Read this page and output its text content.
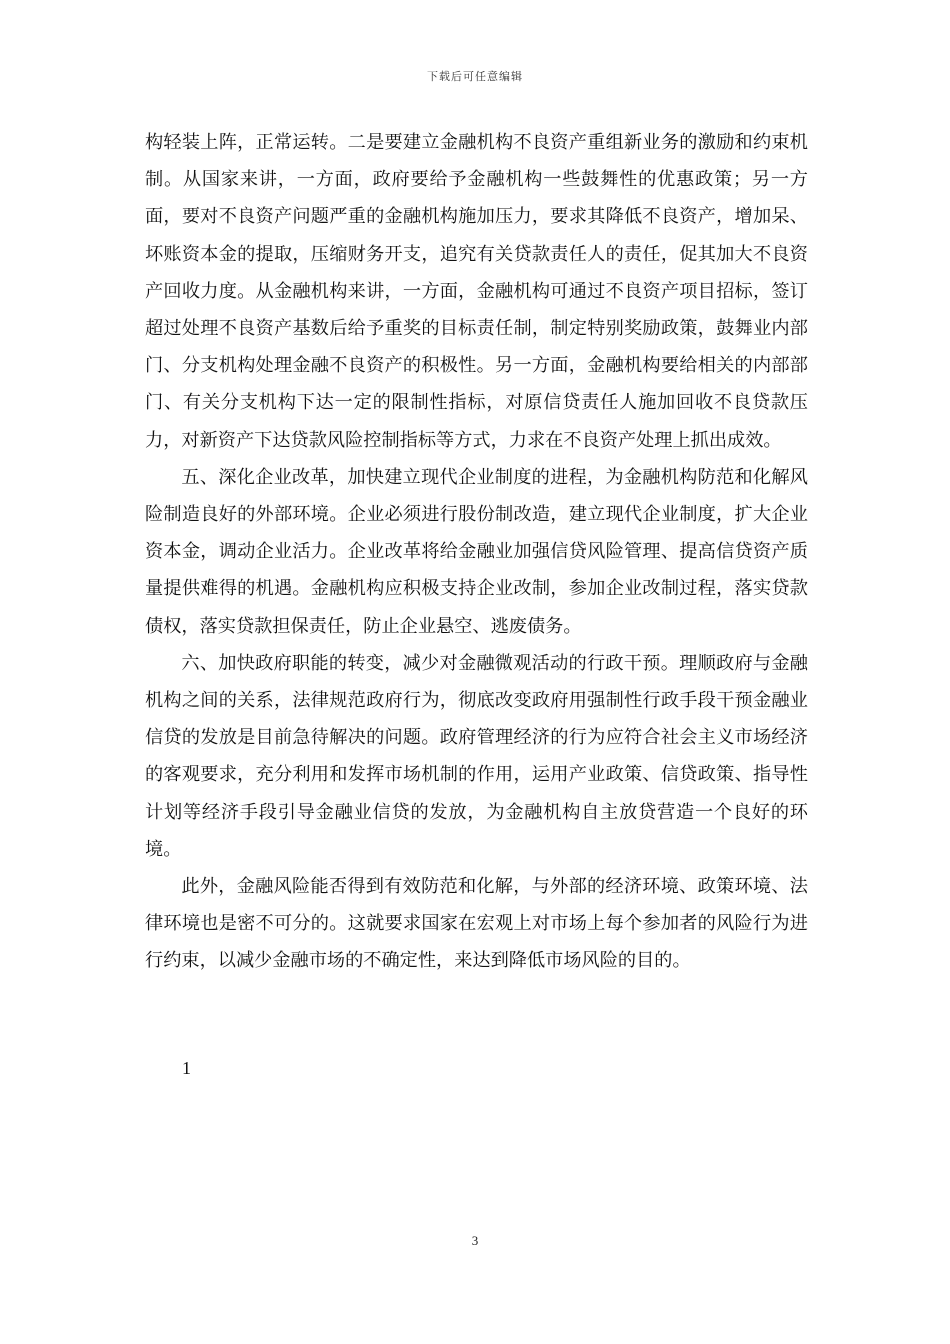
下载后可任意编辑

构轻装上阵，正常运转。二是要建立金融机构不良资产重组新业务的激励和约束机制。从国家来讲，一方面，政府要给予金融机构一些鼓舞性的优惠政策；另一方面，要对不良资产问题严重的金融机构施加压力，要求其降低不良资产，增加呆、坏账资本金的提取，压缩财务开支，追究有关贷款责任人的责任，促其加大不良资产回收力度。从金融机构来讲，一方面，金融机构可通过不良资产项目招标，签订超过处理不良资产基数后给予重奖的目标责任制，制定特别奖励政策，鼓舞业内部门、分支机构处理金融不良资产的积极性。另一方面，金融机构要给相关的内部部门、有关分支机构下达一定的限制性指标，对原信贷责任人施加回收不良贷款压力，对新资产下达贷款风险控制指标等方式，力求在不良资产处理上抓出成效。

五、深化企业改革，加快建立现代企业制度的进程，为金融机构防范和化解风险制造良好的外部环境。企业必须进行股份制改造，建立现代企业制度，扩大企业资本金，调动企业活力。企业改革将给金融业加强信贷风险管理、提高信贷资产质量提供难得的机遇。金融机构应积极支持企业改制，参加企业改制过程，落实贷款债权，落实贷款担保责任，防止企业悬空、逃废债务。

六、加快政府职能的转变，减少对金融微观活动的行政干预。理顺政府与金融机构之间的关系，法律规范政府行为，彻底改变政府用强制性行政手段干预金融业信贷的发放是目前急待解决的问题。政府管理经济的行为应符合社会主义市场经济的客观要求，充分利用和发挥市场机制的作用，运用产业政策、信贷政策、指导性计划等经济手段引导金融业信贷的发放，为金融机构自主放贷营造一个良好的环境。

此外，金融风险能否得到有效防范和化解，与外部的经济环境、政策环境、法律环境也是密不可分的。这就要求国家在宏观上对市场上每个参加者的风险行为进行约束，以减少金融市场的不确定性，来达到降低市场风险的目的。

1
3
